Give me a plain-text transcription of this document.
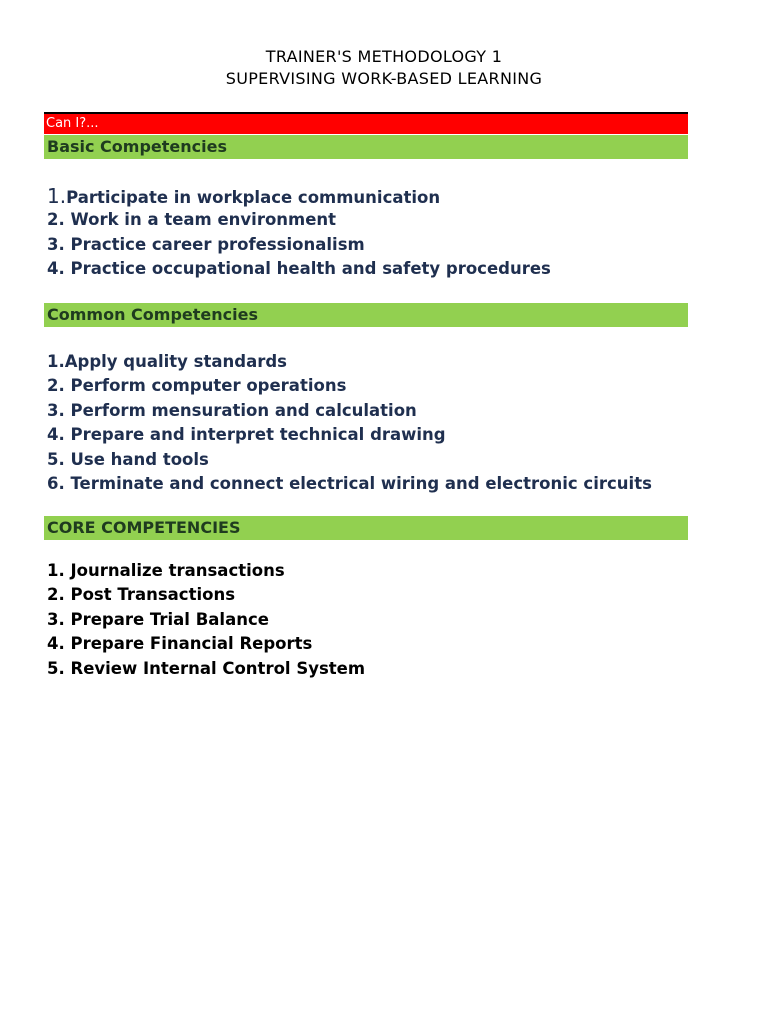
TRAINER'S METHODOLOGY 1
SUPERVISING WORK-BASED LEARNING
Can I?...
Basic Competencies
1.Participate in workplace communication
2. Work in a team environment
3. Practice career professionalism
4. Practice occupational health and safety procedures
Common Competencies
1.Apply quality standards
2. Perform computer operations
3. Perform mensuration and calculation
4. Prepare and interpret technical drawing
5. Use hand tools
6. Terminate and connect electrical wiring and electronic circuits
CORE COMPETENCIES
1. Journalize transactions
2. Post Transactions
3. Prepare Trial Balance
4. Prepare Financial Reports
5. Review Internal Control System
